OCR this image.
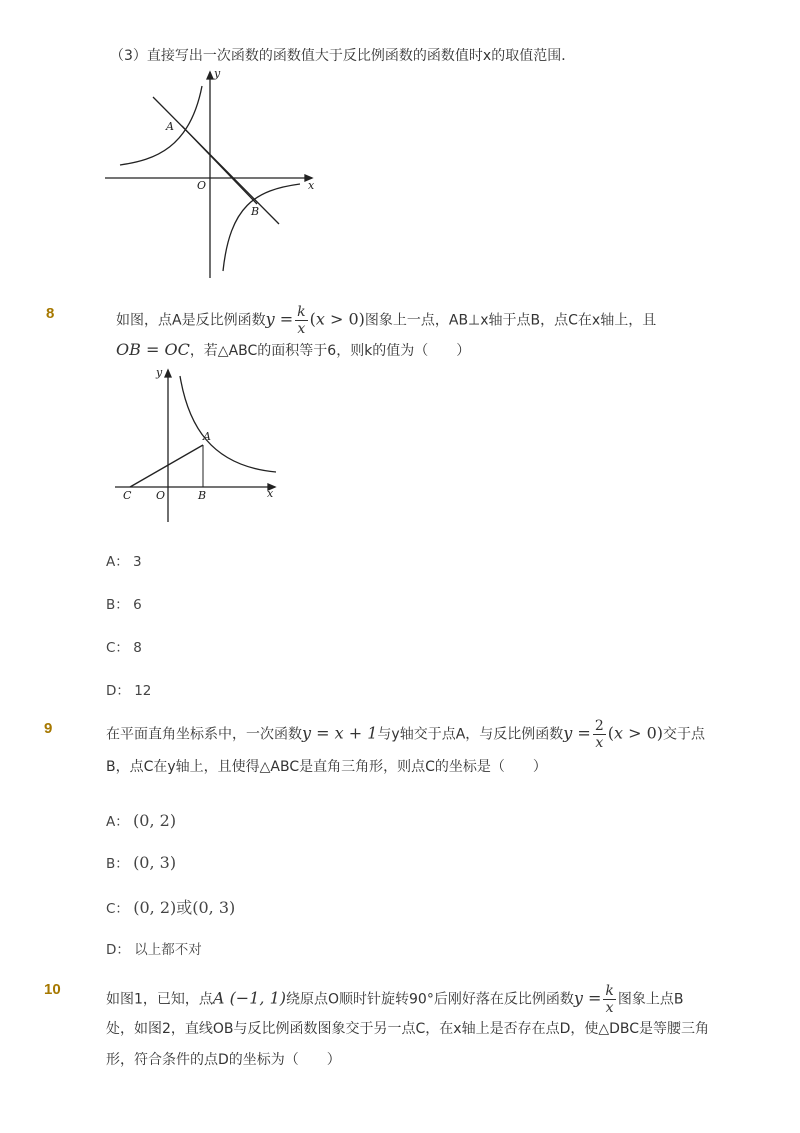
（3）直接写出一次函数的函数值大于反比例函数的函数值时x的取值范围．
y
x
O
A
B
8	如图，点A是反比例函数$y = \frac{k}{x} (x > 0)$图象上一点，AB⊥x轴于点B，点C在x轴上，且
OB = OC，若△ABC的面积等于6，则k的值为（　　）
y
x
O
A
B
C
A： 3
B： 6
C： 8
D： 12
9	在平面直角坐标系中，一次函数y = x + 1与y轴交于点A，与反比例函数$y = \frac{2}{x} (x > 0)$交于点
B，点C在y轴上，且使得△ABC是直角三角形，则点C的坐标是（　　）
A： (0, 2)
B： (0, 3)
C： (0, 2)或(0, 3)
D： 以上都不对
10
如图1，已知，点A (−1, 1)绕原点O顺时针旋转90°后刚好落在反比例函数$y = \frac{k}{x}$ 图象上点B
处，如图2，直线OB与反比例函数图象交于另一点C，在x轴上是否存在点D，使△DBC是等腰三角
形，符合条件的点D的坐标为（　　）
